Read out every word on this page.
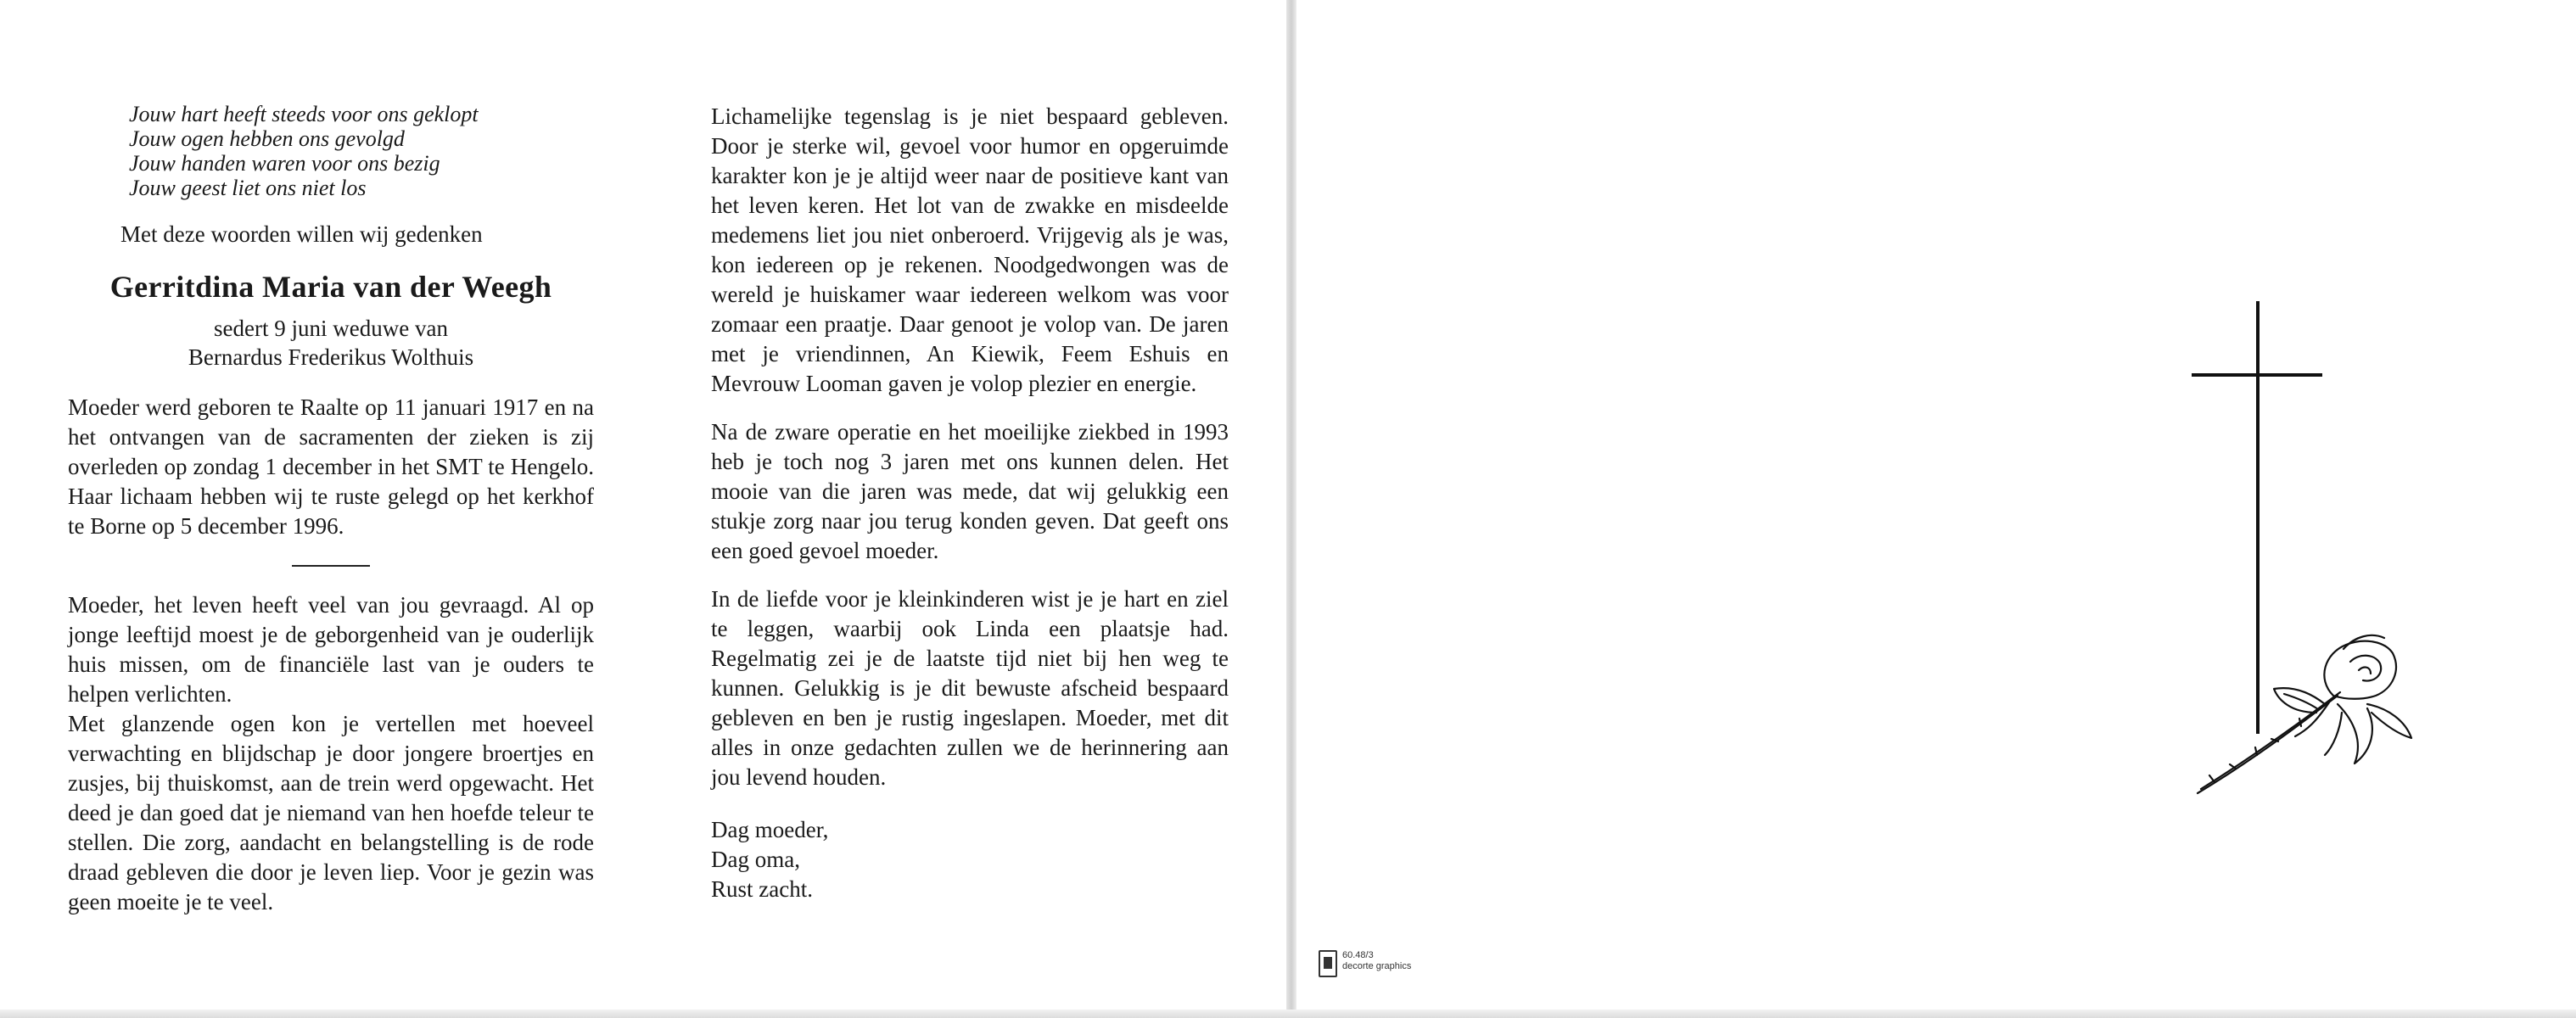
Jouw hart heeft steeds voor ons geklopt
Jouw ogen hebben ons gevolgd
Jouw handen waren voor ons bezig
Jouw geest liet ons niet los
Met deze woorden willen wij gedenken
Gerritdina Maria van der Weegh
sedert 9 juni weduwe van
Bernardus Frederikus Wolthuis
Moeder werd geboren te Raalte op 11 januari 1917 en na het ontvangen van de sacramenten der zieken is zij overleden op zondag 1 december in het SMT te Hengelo. Haar lichaam hebben wij te ruste gelegd op het kerkhof te Borne op 5 december 1996.
Moeder, het leven heeft veel van jou gevraagd. Al op jonge leeftijd moest je de geborgenheid van je ouderlijk huis missen, om de financiële last van je ouders te helpen verlichten.
Met glanzende ogen kon je vertellen met hoeveel verwachting en blijdschap je door jongere broertjes en zusjes, bij thuiskomst, aan de trein werd opgewacht. Het deed je dan goed dat je niemand van hen hoefde teleur te stellen. Die zorg, aandacht en belangstelling is de rode draad gebleven die door je leven liep. Voor je gezin was geen moeite je te veel.
Lichamelijke tegenslag is je niet bespaard gebleven. Door je sterke wil, gevoel voor humor en opgeruimde karakter kon je je altijd weer naar de positieve kant van het leven keren. Het lot van de zwakke en misdeelde medemens liet jou niet onberoerd. Vrijgevig als je was, kon iedereen op je rekenen. Noodgedwongen was de wereld je huiskamer waar iedereen welkom was voor zomaar een praatje. Daar genoot je volop van. De jaren met je vriendinnen, An Kiewik, Feem Eshuis en Mevrouw Looman gaven je volop plezier en energie.
Na de zware operatie en het moeilijke ziekbed in 1993 heb je toch nog 3 jaren met ons kunnen delen. Het mooie van die jaren was mede, dat wij gelukkig een stukje zorg naar jou terug konden geven. Dat geeft ons een goed gevoel moeder.
In de liefde voor je kleinkinderen wist je je hart en ziel te leggen, waarbij ook Linda een plaatsje had. Regelmatig zei je de laatste tijd niet bij hen weg te kunnen. Gelukkig is je dit bewuste afscheid bespaard gebleven en ben je rustig ingeslapen. Moeder, met dit alles in onze gedachten zullen we de herinnering aan jou levend houden.
Dag moeder,
Dag oma,
Rust zacht.
60.48/3
decorte graphics
